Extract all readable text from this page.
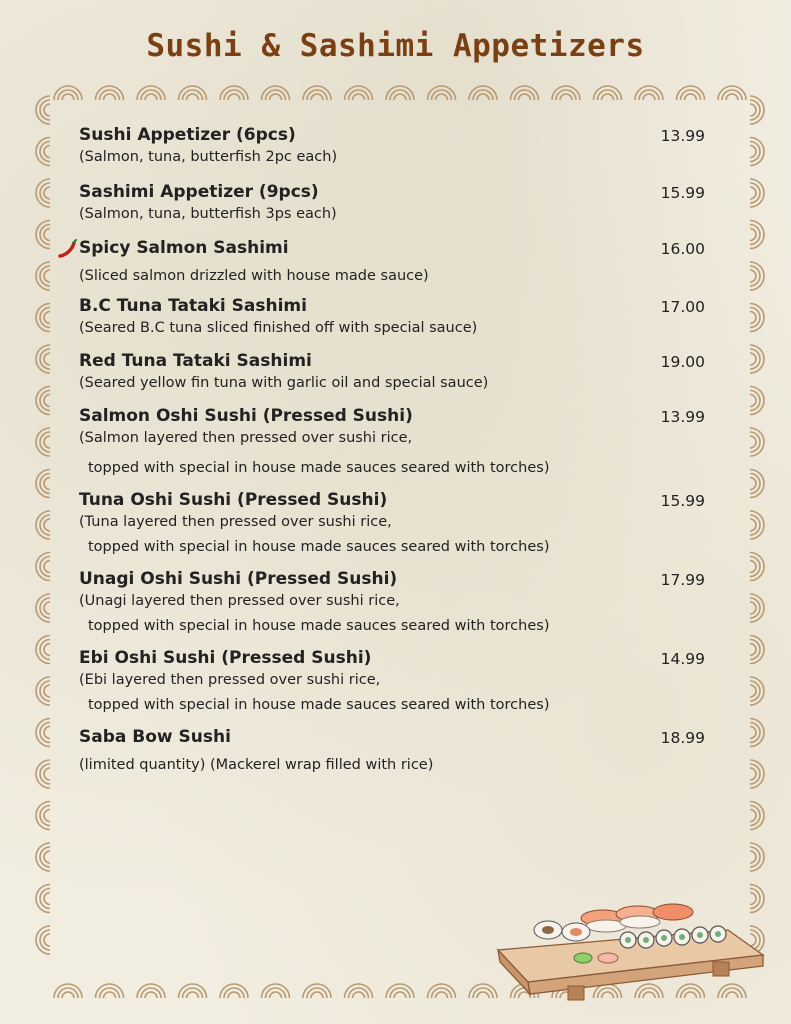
Sushi & Sashimi Appetizers
Sushi Appetizer (6pcs)	13.99
(Salmon, tuna, butterfish 2pc each)
Sashimi Appetizer (9pcs)	15.99
(Salmon, tuna, butterfish 3ps each)
Spicy Salmon Sashimi	16.00
(Sliced salmon drizzled with house made sauce)
B.C Tuna Tataki Sashimi	17.00
(Seared B.C tuna sliced finished off with special sauce)
Red Tuna Tataki Sashimi	19.00
(Seared yellow fin tuna with garlic oil and special sauce)
Salmon Oshi Sushi (Pressed Sushi)	13.99
(Salmon layered then pressed over sushi rice,
topped with special in house made sauces seared with torches)
Tuna Oshi Sushi (Pressed Sushi)	15.99
(Tuna layered then pressed over sushi rice,
topped with special in house made sauces seared with torches)
Unagi Oshi Sushi (Pressed Sushi)	17.99
(Unagi layered then pressed over sushi rice,
topped with special in house made sauces seared with torches)
Ebi Oshi Sushi (Pressed Sushi)	14.99
(Ebi layered then pressed over sushi rice,
topped with special in house made sauces seared with torches)
Saba Bow Sushi	18.99
(limited quantity) (Mackerel wrap filled with rice)
